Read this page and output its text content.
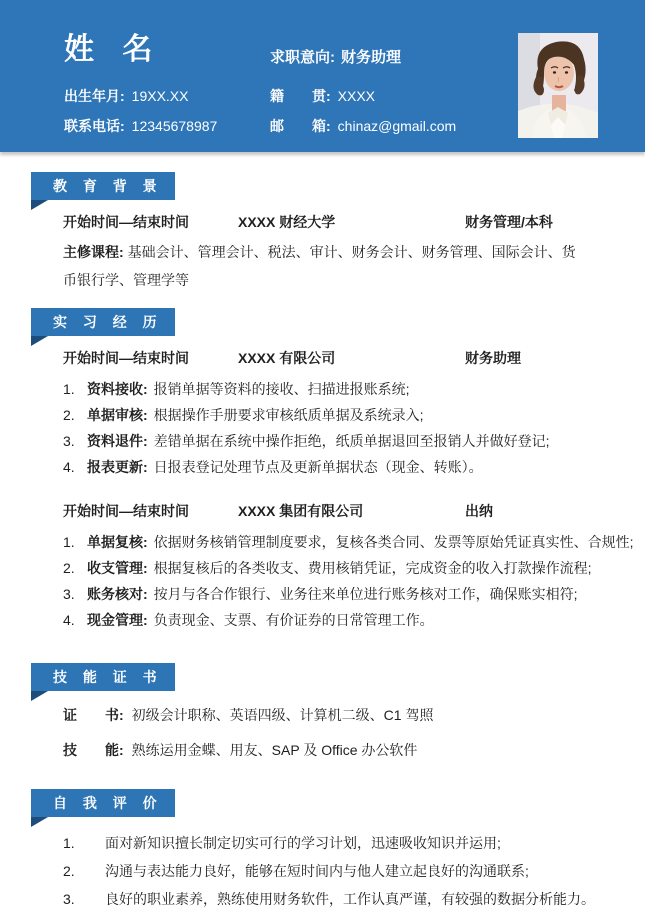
姓 名	求职意向: 财务助理
出生年月: 19XX.XX	籍　　贯: XXXX
联系电话: 12345678987	邮　　箱: chinaz@gmail.com
教 育 背 景
开始时间—结束时间	XXXX 财经大学	财务管理/本科

主修课程: 基础会计、管理会计、税法、审计、财务会计、财务管理、国际会计、货币银行学、管理学等

实 习 经 历
开始时间—结束时间	XXXX 有限公司	财务助理
1. 资料接收: 报销单据等资料的接收、扫描进报账系统;
2. 单据审核: 根据操作手册要求审核纸质单据及系统录入;
3. 资料退件: 差错单据在系统中操作拒绝，纸质单据退回至报销人并做好登记;
4. 报表更新: 日报表登记处理节点及更新单据状态（现金、转账）。
开始时间—结束时间	XXXX 集团有限公司	出纳
1. 单据复核: 依据财务核销管理制度要求，复核各类合同、发票等原始凭证真实性、合规性;
2. 收支管理: 根据复核后的各类收支、费用核销凭证，完成资金的收入打款操作流程;
3. 账务核对: 按月与各合作银行、业务往来单位进行账务核对工作，确保账实相符;
4. 现金管理: 负责现金、支票、有价证券的日常管理工作。
技 能 证 书
证　　书: 初级会计职称、英语四级、计算机二级、C1 驾照
技　　能: 熟练运用金蝶、用友、SAP 及 Office 办公软件
自 我 评 价
1.	面对新知识擅长制定切实可行的学习计划，迅速吸收知识并运用;
2.	沟通与表达能力良好，能够在短时间内与他人建立起良好的沟通联系;
3.	良好的职业素养，熟练使用财务软件，工作认真严谨，有较强的数据分析能力。
